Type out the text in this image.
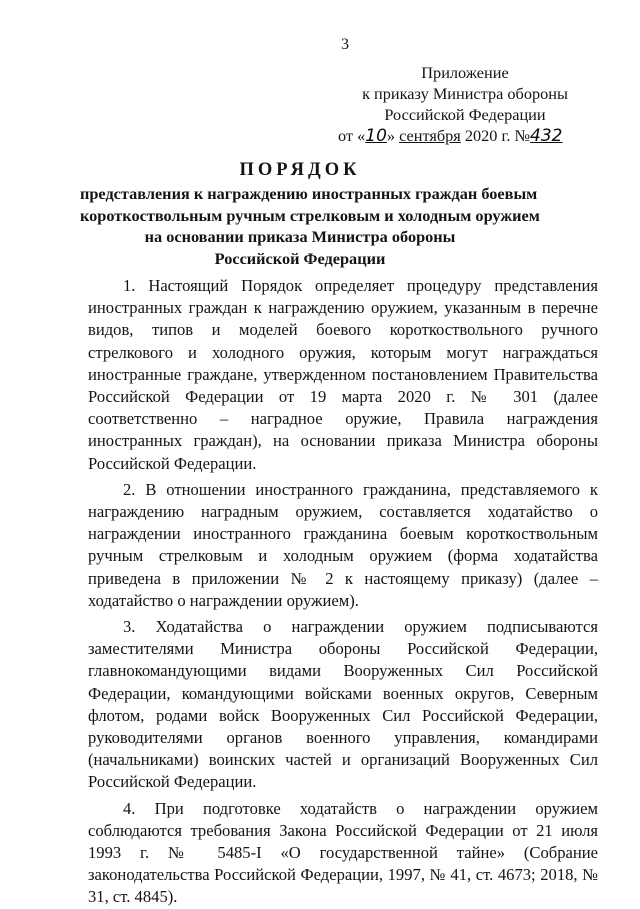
3
Приложение
к приказу Министра обороны
Российской Федерации
от «10» сентября 2020 г. №432
ПОРЯДОК
представления к награждению иностранных граждан боевым
короткоствольным ручным стрелковым и холодным оружием
на основании приказа Министра обороны
Российской Федерации

1. Настоящий Порядок определяет процедуру представления иностранных граждан к награждению оружием, указанным в перечне видов, типов и моделей боевого короткоствольного ручного стрелкового и холодного оружия, которым могут награждаться иностранные граждане, утвержденном постановлением Правительства Российской Федерации от 19 марта 2020 г. № 301 (далее соответственно – наградное оружие, Правила награждения иностранных граждан), на основании приказа Министра обороны Российской Федерации.

2. В отношении иностранного гражданина, представляемого к награждению наградным оружием, составляется ходатайство о награждении иностранного гражданина боевым короткоствольным ручным стрелковым и холодным оружием (форма ходатайства приведена в приложении № 2 к настоящему приказу) (далее – ходатайство о награждении оружием).

3. Ходатайства о награждении оружием подписываются заместителями Министра обороны Российской Федерации, главнокомандующими видами Вооруженных Сил Российской Федерации, командующими войсками военных округов, Северным флотом, родами войск Вооруженных Сил Российской Федерации, руководителями органов военного управления, командирами (начальниками) воинских частей и организаций Вооруженных Сил Российской Федерации.

4. При подготовке ходатайств о награждении оружием соблюдаются требования Закона Российской Федерации от 21 июля 1993 г. № 5485-I «О государственной тайне» (Собрание законодательства Российской Федерации, 1997, № 41, ст. 4673; 2018, № 31, ст. 4845).
